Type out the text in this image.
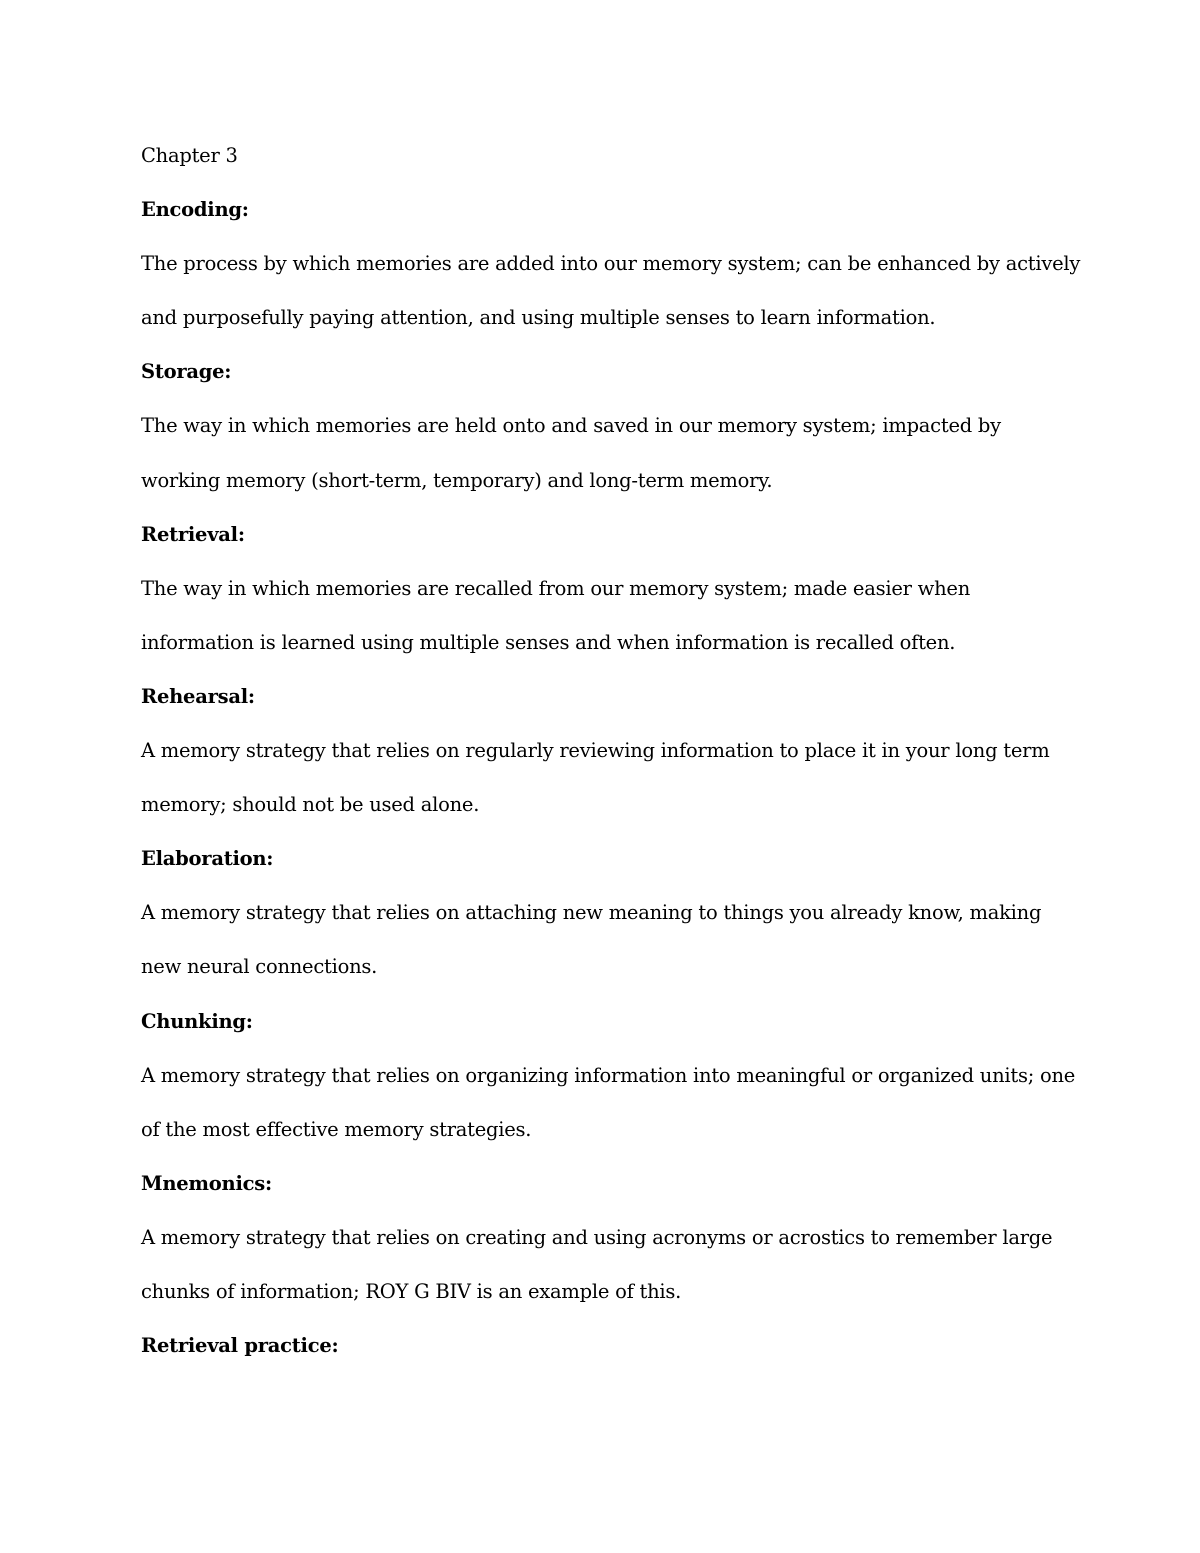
Chapter 3
Encoding:
The process by which memories are added into our memory system; can be enhanced by actively
and purposefully paying attention, and using multiple senses to learn information.
Storage:
The way in which memories are held onto and saved in our memory system; impacted by
working memory (short-term, temporary) and long-term memory.
Retrieval:
The way in which memories are recalled from our memory system; made easier when
information is learned using multiple senses and when information is recalled often.
Rehearsal:
A memory strategy that relies on regularly reviewing information to place it in your long term
memory; should not be used alone.
Elaboration:
A memory strategy that relies on attaching new meaning to things you already know, making
new neural connections.
Chunking:
A memory strategy that relies on organizing information into meaningful or organized units; one
of the most effective memory strategies.
Mnemonics:
A memory strategy that relies on creating and using acronyms or acrostics to remember large
chunks of information; ROY G BIV is an example of this.
Retrieval practice:
